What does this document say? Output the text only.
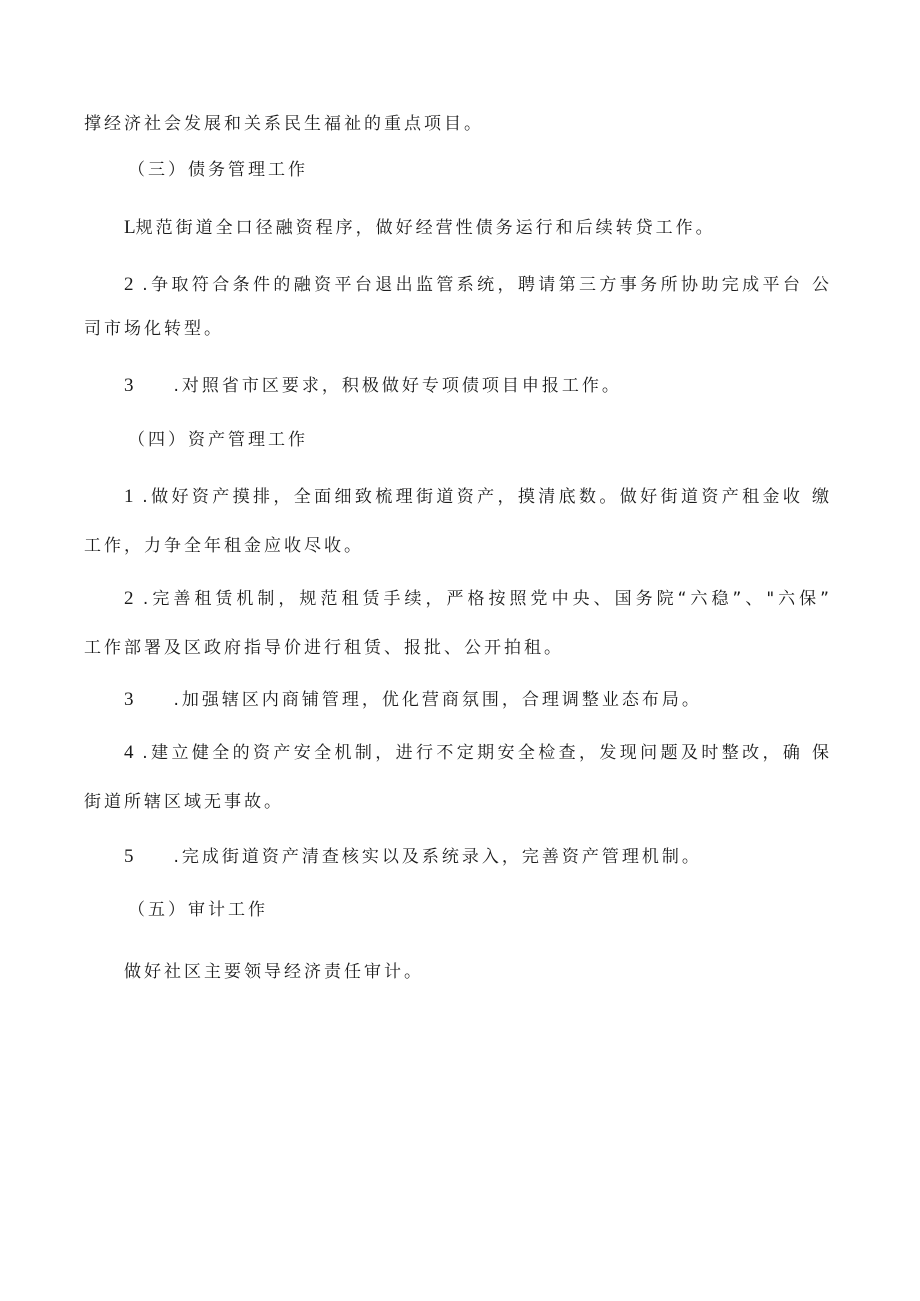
撑经济社会发展和关系民生福祉的重点项目。
（三）债务管理工作
L规范街道全口径融资程序，做好经营性债务运行和后续转贷工作。
2 .争取符合条件的融资平台退出监管系统，聘请第三方事务所协助完成平台 公
司市场化转型。
3 .对照省市区要求，积极做好专项债项目申报工作。
（四）资产管理工作
1 .做好资产摸排，全面细致梳理街道资产，摸清底数。做好街道资产租金收 缴
工作，力争全年租金应收尽收。
2 .完善租赁机制，规范租赁手续，严格按照党中央、国务院“六稳”、"六保”
工作部署及区政府指导价进行租赁、报批、公开拍租。
3 .加强辖区内商铺管理，优化营商氛围，合理调整业态布局。
4 .建立健全的资产安全机制，进行不定期安全检查，发现问题及时整改，确 保
街道所辖区域无事故。
5 .完成街道资产清查核实以及系统录入，完善资产管理机制。
（五）审计工作
做好社区主要领导经济责任审计。
